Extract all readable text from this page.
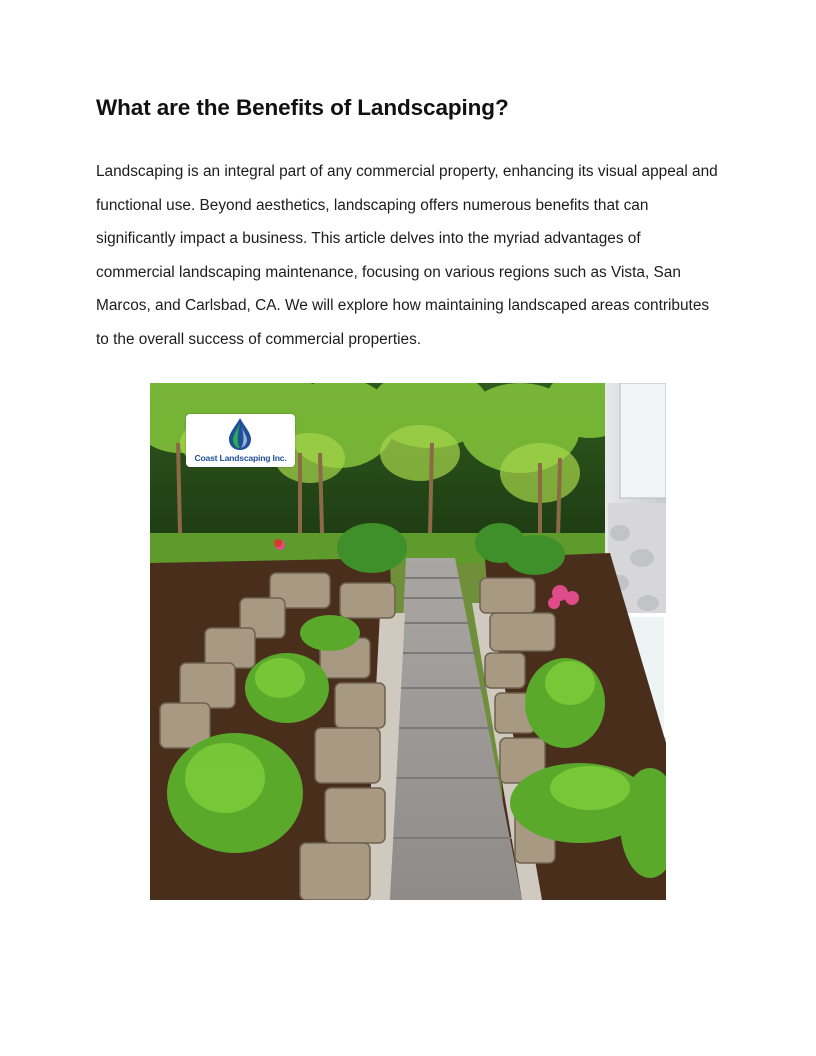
What are the Benefits of Landscaping?

Landscaping is an integral part of any commercial property, enhancing its visual appeal and functional use. Beyond aesthetics, landscaping offers numerous benefits that can significantly impact a business. This article delves into the myriad advantages of commercial landscaping maintenance, focusing on various regions such as Vista, San Marcos, and Carlsbad, CA. We will explore how maintaining landscaped areas contributes to the overall success of commercial properties.

Coast Landscaping Inc.
